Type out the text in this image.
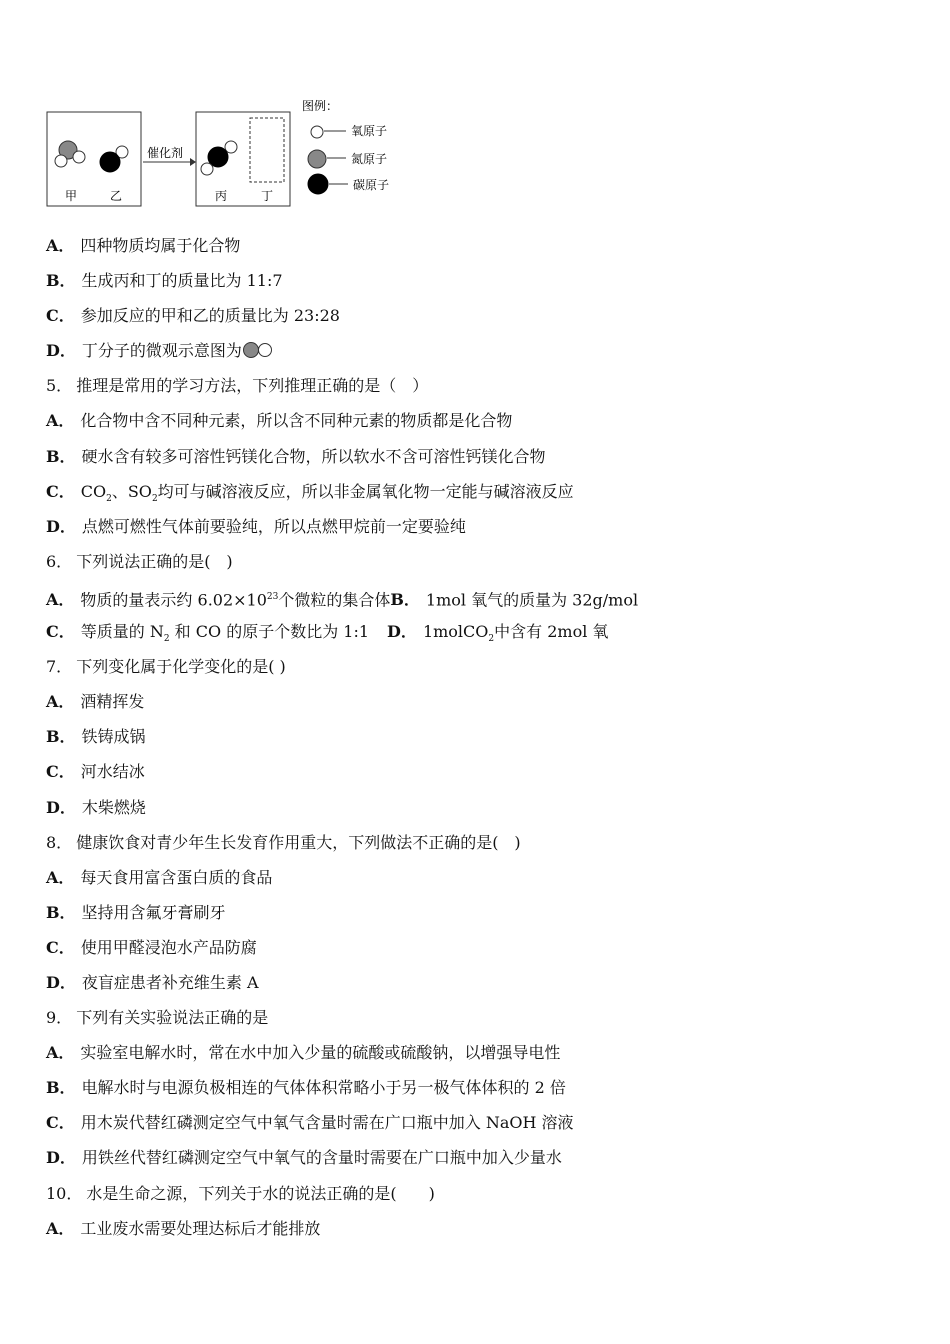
甲	乙
催化剂
丙	丁
图例：
氧原子
氮原子
碳原子
A． 四种物质均属于化合物
B． 生成丙和丁的质量比为 11:7
C． 参加反应的甲和乙的质量比为 23:28
D． 丁分子的微观示意图为
5． 推理是常用的学习方法，下列推理正确的是（　）
A． 化合物中含不同种元素，所以含不同种元素的物质都是化合物
B． 硬水含有较多可溶性钙镁化合物，所以软水不含可溶性钙镁化合物
C． $CO_2$、$SO_2$均可与碱溶液反应，所以非金属氧化物一定能与碱溶液反应
D． 点燃可燃性气体前要验纯，所以点燃甲烷前一定要验纯
6． 下列说法正确的是(　)
A． 物质的量表示约 $6.02\times 10^{23}$个微粒的集合体B． 1mol 氧气的质量为 32g/mol
C． 等质量的 $N_2$ 和 CO 的原子个数比为 1:1 D． 1molCO$_2$中含有 2mol 氧
7． 下列变化属于化学变化的是( )
A． 酒精挥发
B． 铁铸成锅
C． 河水结冰
D． 木柴燃烧
8． 健康饮食对青少年生长发育作用重大，下列做法不正确的是(　)
A． 每天食用富含蛋白质的食品
B． 坚持用含氟牙膏刷牙
C． 使用甲醛浸泡水产品防腐
D． 夜盲症患者补充维生素 A
9． 下列有关实验说法正确的是
A． 实验室电解水时，常在水中加入少量的硫酸或硫酸钠，以增强导电性
B． 电解水时与电源负极相连的气体体积常略小于另一极气体体积的 2 倍
C． 用木炭代替红磷测定空气中氧气含量时需在广口瓶中加入 NaOH 溶液
D． 用铁丝代替红磷测定空气中氧气的含量时需要在广口瓶中加入少量水
10． 水是生命之源，下列关于水的说法正确的是(　　)
A． 工业废水需要处理达标后才能排放
